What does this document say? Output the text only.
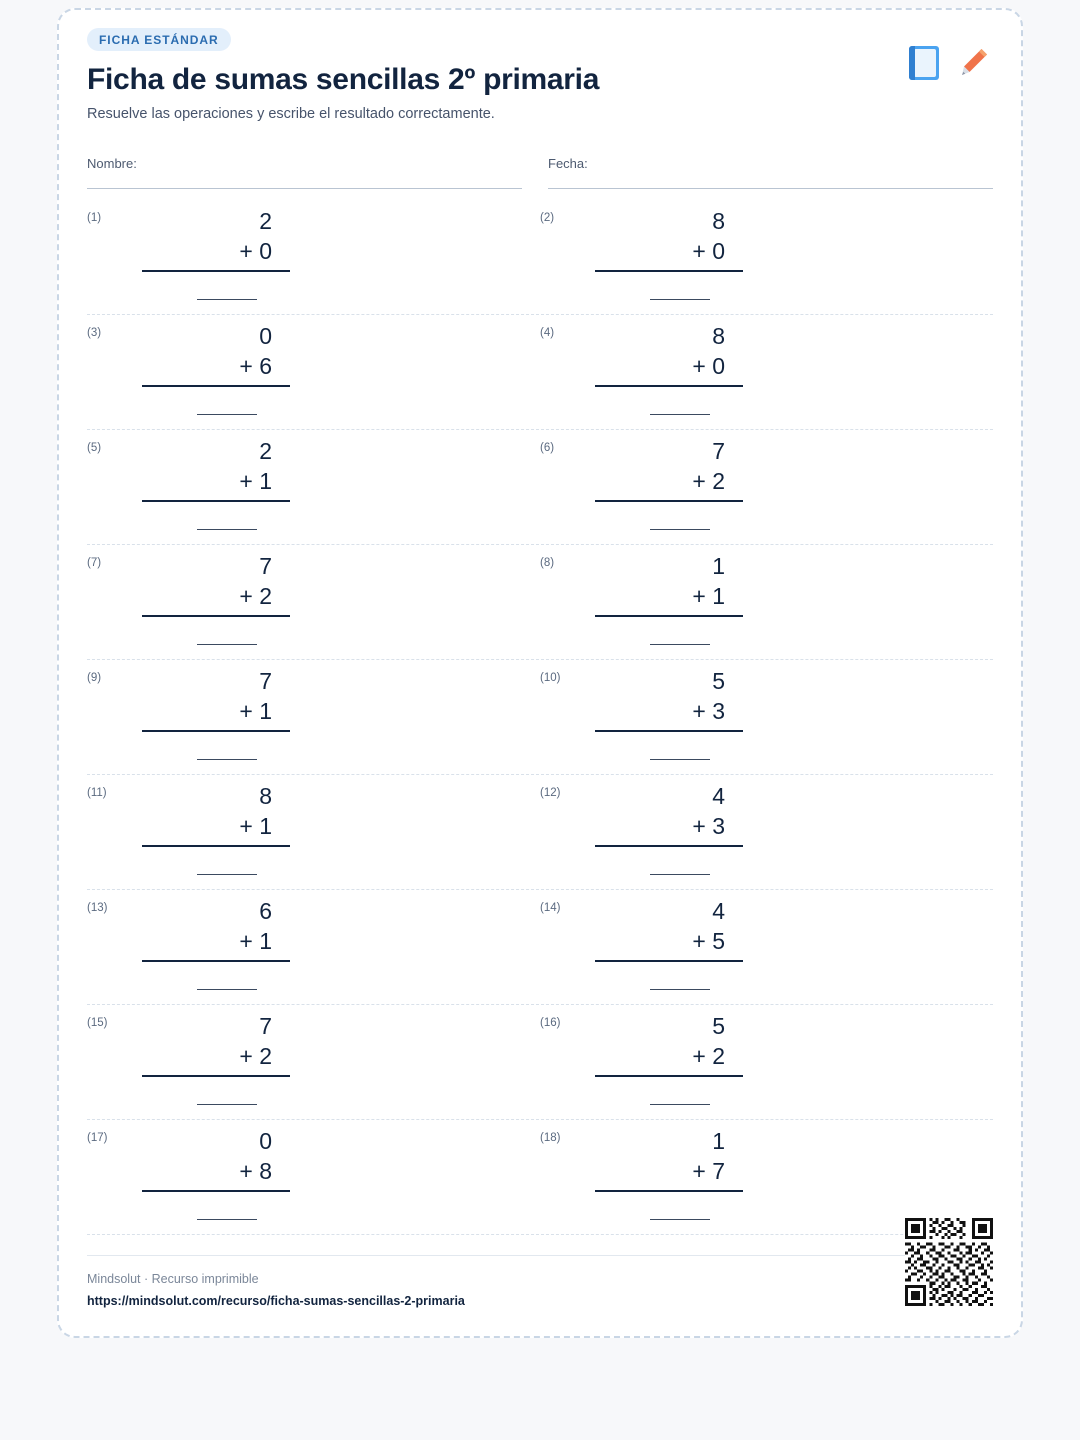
FICHA ESTÁNDAR
Ficha de sumas sencillas 2º primaria

Resuelve las operaciones y escribe el resultado correctamente.

Nombre:	Fecha:
(1)	2
+ 0
(2)	8
+ 0
(3)	0
+ 6
(4)	8
+ 0
(5)	2
+ 1
(6)	7
+ 2
(7)	7
+ 2
(8)	1
+ 1
(9)	7
+ 1
(10)	5
+ 3
(11)	8
+ 1
(12)	4
+ 3
(13)	6
+ 1
(14)	4
+ 5
(15)	7
+ 2
(16)	5
+ 2
(17)	0
+ 8
(18)	1
+ 7
Mindsolut · Recurso imprimible
https://mindsolut.com/recurso/ficha-sumas-sencillas-2-primaria
